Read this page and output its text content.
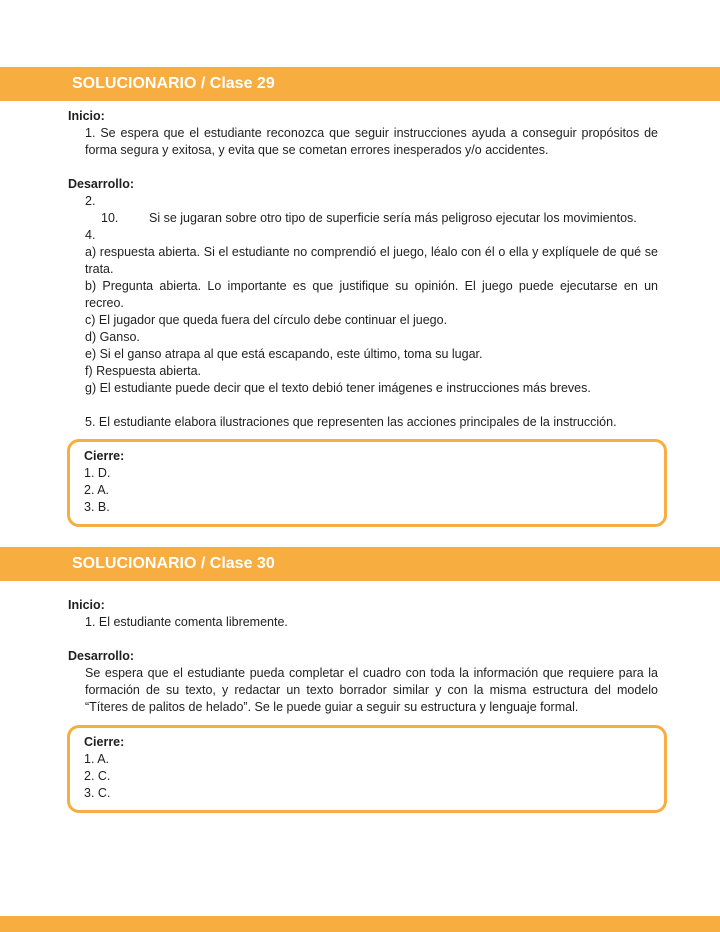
SOLUCIONARIO / Clase 29
Inicio:
1. Se espera que el estudiante reconozca que seguir instrucciones ayuda a conseguir propósitos de forma segura y exitosa, y evita que se cometan errores inesperados y/o accidentes.
Desarrollo:
2.
10. Si se jugaran sobre otro tipo de superficie sería más peligroso ejecutar los movimientos.
4.
a) respuesta abierta. Si el estudiante no comprendió el juego, léalo con él o ella y explíquele de qué se trata.
b) Pregunta abierta. Lo importante es que justifique su opinión. El juego puede ejecutarse en un recreo.
c) El jugador que queda fuera del círculo debe continuar el juego.
d) Ganso.
e) Si el ganso atrapa al que está escapando, este último, toma su lugar.
f) Respuesta abierta.
g) El estudiante puede decir que el texto debió tener imágenes e instrucciones más breves.
5. El estudiante elabora ilustraciones que representen las acciones principales de la instrucción.
Cierre:
1. D.
2. A.
3. B.
SOLUCIONARIO / Clase 30
Inicio:
1. El estudiante comenta libremente.
Desarrollo:
Se espera que el estudiante pueda completar el cuadro con toda la información que requiere para la formación de su texto, y redactar un texto borrador similar y con la misma estructura del modelo “Títeres de palitos de helado”. Se le puede guiar a seguir su estructura y lenguaje formal.
Cierre:
1. A.
2. C.
3. C.
